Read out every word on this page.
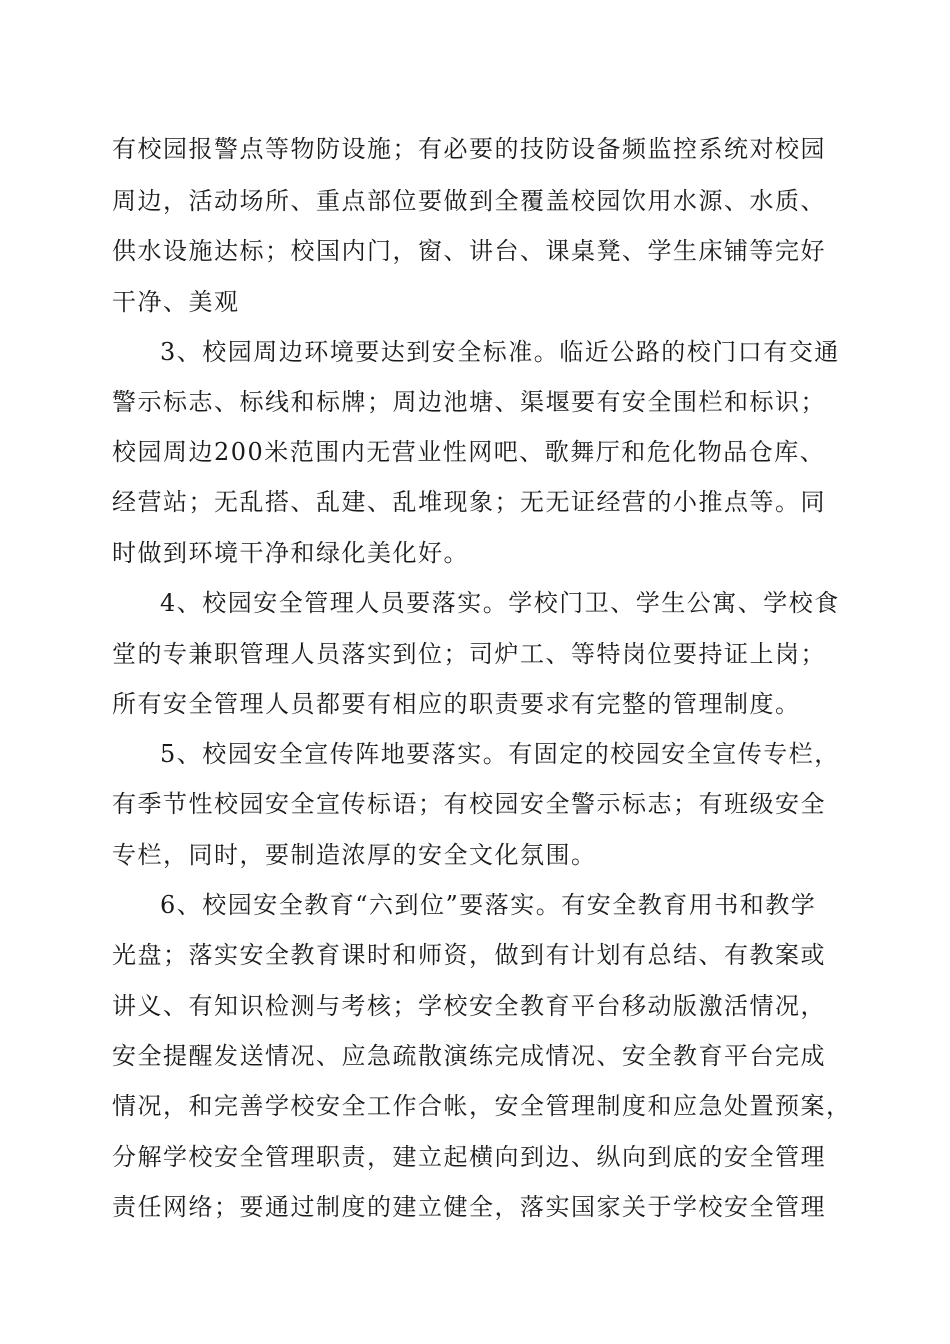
有校园报警点等物防设施；有必要的技防设备频监控系统对校园
周边，活动场所、重点部位要做到全覆盖校园饮用水源、水质、
供水设施达标；校国内门，窗、讲台、课桌凳、学生床铺等完好
干净、美观
3、校园周边环境要达到安全标准。临近公路的校门口有交通
警示标志、标线和标牌；周边池塘、渠堰要有安全围栏和标识；
校园周边200米范围内无营业性网吧、歌舞厅和危化物品仓库、
经营站；无乱搭、乱建、乱堆现象；无无证经营的小推点等。同
时做到环境干净和绿化美化好。
4、校园安全管理人员要落实。学校门卫、学生公寓、学校食
堂的专兼职管理人员落实到位；司炉工、等特岗位要持证上岗；
所有安全管理人员都要有相应的职责要求有完整的管理制度。
5、校园安全宣传阵地要落实。有固定的校园安全宣传专栏，
有季节性校园安全宣传标语；有校园安全警示标志；有班级安全
专栏，同时，要制造浓厚的安全文化氛围。
6、校园安全教育“六到位”要落实。有安全教育用书和教学
光盘；落实安全教育课时和师资，做到有计划有总结、有教案或
讲义、有知识检测与考核；学校安全教育平台移动版激活情况，
安全提醒发送情况、应急疏散演练完成情况、安全教育平台完成
情况，和完善学校安全工作合帐，安全管理制度和应急处置预案，
分解学校安全管理职责，建立起横向到边、纵向到底的安全管理
责任网络；要通过制度的建立健全，落实国家关于学校安全管理
